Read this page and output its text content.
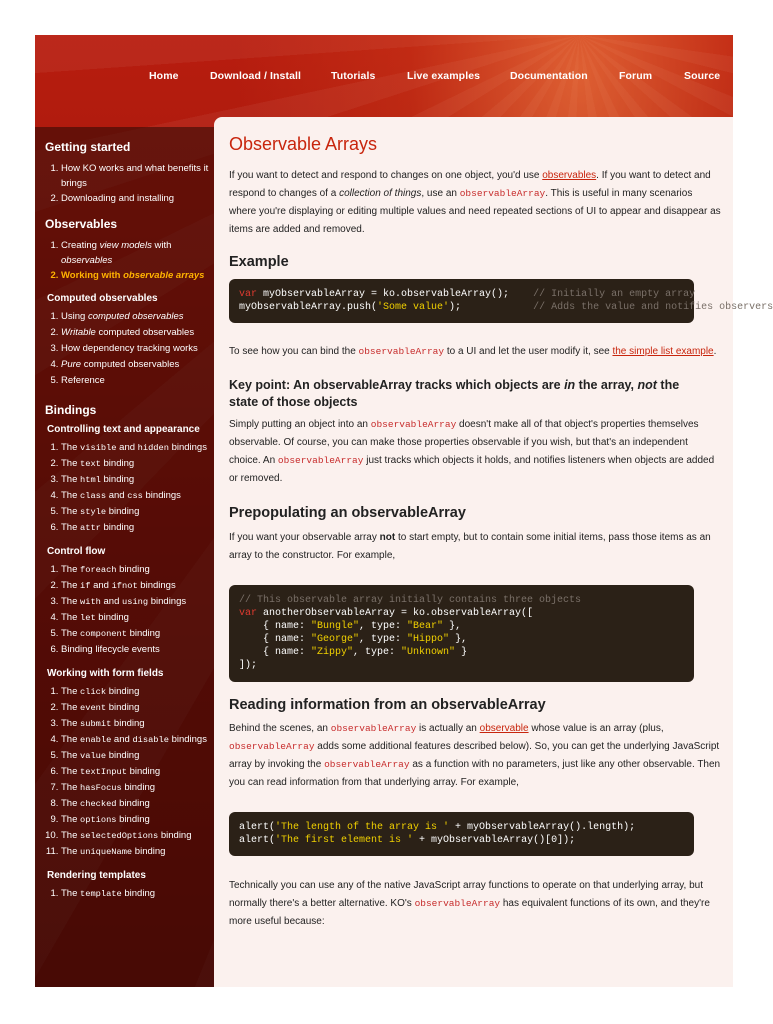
Home	Download / Install	Tutorials	Live examples	Documentation	Forum	Source
Getting started
1. How KO works and what benefits it brings
2. Downloading and installing
Observables
1. Creating view models with observables
2. Working with observable arrays
Computed observables
1. Using computed observables
2. Writable computed observables
3. How dependency tracking works
4. Pure computed observables
5. Reference
Bindings
Controlling text and appearance
1. The visible and hidden bindings
2. The text binding
3. The html binding
4. The class and css bindings
5. The style binding
6. The attr binding
Control flow
1. The foreach binding
2. The if and ifnot bindings
3. The with and using bindings
4. The let binding
5. The component binding
6. Binding lifecycle events
Working with form fields
1. The click binding
2. The event binding
3. The submit binding
4. The enable and disable bindings
5. The value binding
6. The textInput binding
7. The hasFocus binding
8. The checked binding
9. The options binding
10. The selectedOptions binding
11. The uniqueName binding
Rendering templates
1. The template binding
Observable Arrays

If you want to detect and respond to changes on one object, you'd use observables. If you want to detect and respond to changes of a collection of things, use an observableArray. This is useful in many scenarios where you're displaying or editing multiple values and need repeated sections of UI to appear and disappear as items are added and removed.

Example
var myObservableArray = ko.observableArray();    // Initially an empty array
myObservableArray.push('Some value');            // Adds the value and notifies observers

To see how you can bind the observableArray to a UI and let the user modify it, see the simple list example.

Key point: An observableArray tracks which objects are in the array, not the state of those objects

Simply putting an object into an observableArray doesn't make all of that object's properties themselves observable. Of course, you can make those properties observable if you wish, but that's an independent choice. An observableArray just tracks which objects it holds, and notifies listeners when objects are added or removed.

Prepopulating an observableArray

If you want your observable array not to start empty, but to contain some initial items, pass those items as an array to the constructor. For example,

// This observable array initially contains three objects
var anotherObservableArray = ko.observableArray([
{ name: "Bungle", type: "Bear" },
{ name: "George", type: "Hippo" },
{ name: "Zippy", type: "Unknown" }
]);
Reading information from an observableArray

Behind the scenes, an observableArray is actually an observable whose value is an array (plus, observableArray adds some additional features described below). So, you can get the underlying JavaScript array by invoking the observableArray as a function with no parameters, just like any other observable. Then you can read information from that underlying array. For example,

alert('The length of the array is ' + myObservableArray().length);
alert('The first element is ' + myObservableArray()[0]);

Technically you can use any of the native JavaScript array functions to operate on that underlying array, but normally there's a better alternative. KO's observableArray has equivalent functions of its own, and they're more useful because:
